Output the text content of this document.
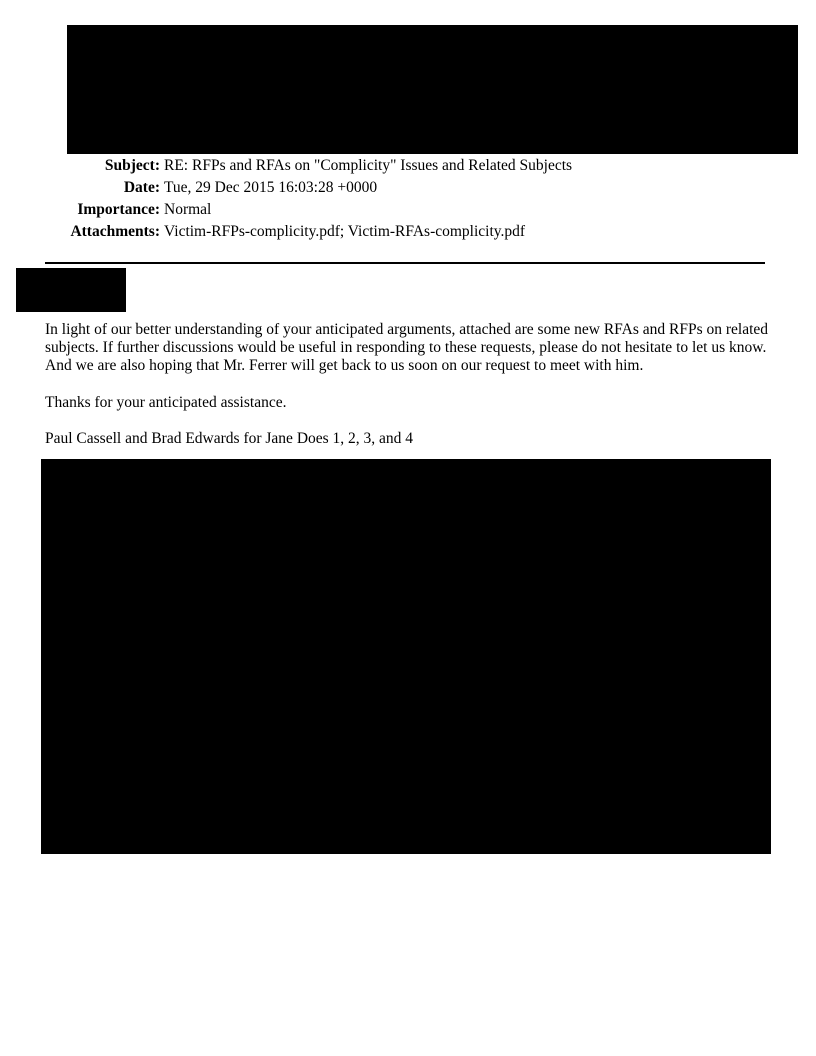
Subject: RE: RFPs and RFAs on "Complicity" Issues and Related Subjects
Date: Tue, 29 Dec 2015 16:03:28 +0000
Importance: Normal
Attachments: Victim-RFPs-complicity.pdf; Victim-RFAs-complicity.pdf

In light of our better understanding of your anticipated arguments, attached are some new RFAs and RFPs on related subjects. If further discussions would be useful in responding to these requests, please do not hesitate to let us know. And we are also hoping that Mr. Ferrer will get back to us soon on our request to meet with him.

Thanks for your anticipated assistance.

Paul Cassell and Brad Edwards for Jane Does 1, 2, 3, and 4
